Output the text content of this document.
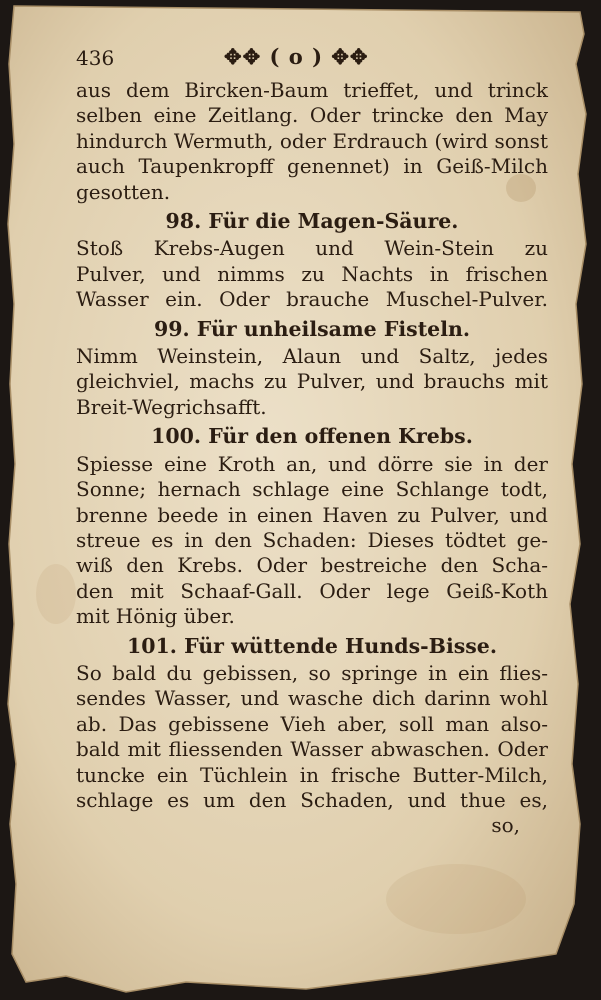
436	✥✥ ( o ) ✥✥
aus dem Bircken-Baum trieffet, und trinck
selben eine Zeitlang. Oder trincke den May
hindurch Wermuth, oder Erdrauch (wird sonst
auch Taupenkropff genennet) in Geiß-Milch
gesotten.
98. Für die Magen-Säure.
Stoß Krebs-Augen und Wein-Stein zu
Pulver, und nimms zu Nachts in frischen
Wasser ein. Oder brauche Muschel-Pulver.
99. Für unheilsame Fisteln.
Nimm Weinstein, Alaun und Saltz, jedes
gleichviel, machs zu Pulver, und brauchs mit
Breit-Wegrichsafft.
100. Für den offenen Krebs.
Spiesse eine Kroth an, und dörre sie in der
Sonne; hernach schlage eine Schlange todt,
brenne beede in einen Haven zu Pulver, und
streue es in den Schaden: Dieses tödtet ge-
wiß den Krebs. Oder bestreiche den Scha-
den mit Schaaf-Gall. Oder lege Geiß-Koth
mit Hönig über.
101. Für wüttende Hunds-Bisse.
So bald du gebissen, so springe in ein flies-
sendes Wasser, und wasche dich darinn wohl
ab. Das gebissene Vieh aber, soll man also-
bald mit fliessenden Wasser abwaschen. Oder
tuncke ein Tüchlein in frische Butter-Milch,
schlage es um den Schaden, und thue es,
so,
